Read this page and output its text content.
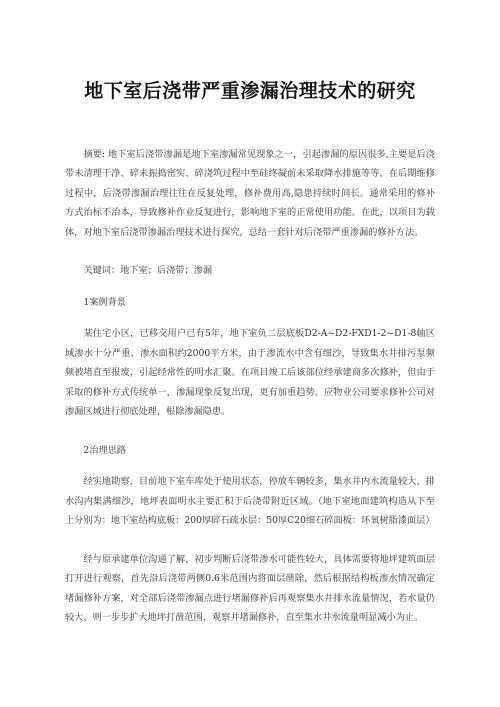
地下室后浇带严重渗漏治理技术的研究

摘要: 地下室后浇带渗漏是地下室渗漏常见现象之一，引起渗漏的原因很多,主要是后浇带未清理干净、碎未振捣密实、碎浇筑过程中至硅终凝前未采取降水排施等等，在后期维修过程中，后浇带渗漏治理往往在反复处理，修补费用高,隐患持续时间长。通常采用的修补方式治标不治本，导致修补作业反复进行，影响地下室的正常使用功能。在此，以项目为载体，对地下室后浇带渗漏治理技术进行探究，总结一套针对后浇带严重渗漏的修补方法。

关键词：地下室；后浇带；渗漏

1案例背景

某住宅小区，已移交用户已有5年，地下室负二层底板D2-A~D2-FXD1-2~D1-8轴区域渗水十分严重，渗水面积约2000平方米，由于渗流水中含有细沙，导致集水井排污泵频频被堵直至报废，引起经常性的明水汇聚。在项目竣工后该部位经承建商多次修补，但由于采取的修补方式传统单一，渗漏现象反复出现，更有加重趋势。应物业公司要求修补公司对渗漏区域进行彻底处理，根除渗漏隐患。

2治理思路

经实地勘察，目前地下室车库处于使用状态，停放车辆较多，集水井内水流量较大，排水沟内集满细沙，地坪表面明水主要汇积于后浇带附近区域。（地下室地面建筑构造从下至上分别为：地下室结构底板：200厚碎石疏水层：50厚C20细石碎面板：环氧树脂漆面层）

经与原承建单位沟通了解，初步判断后浇带渗水可能性较大，具体需要将地坪建筑面层打开进行观察，首先沿后浇带两侧0.6米范围内将面层凿除，然后根据结构板渗水情况确定堵漏修补方案，对全部后浇带渗漏点进行堵漏修补后再观察集水井排水流量情况，若水量仍较大，则一步步扩大地坪打凿范围，观察井堵漏修补，直至集水井水流量明显减小为止。
